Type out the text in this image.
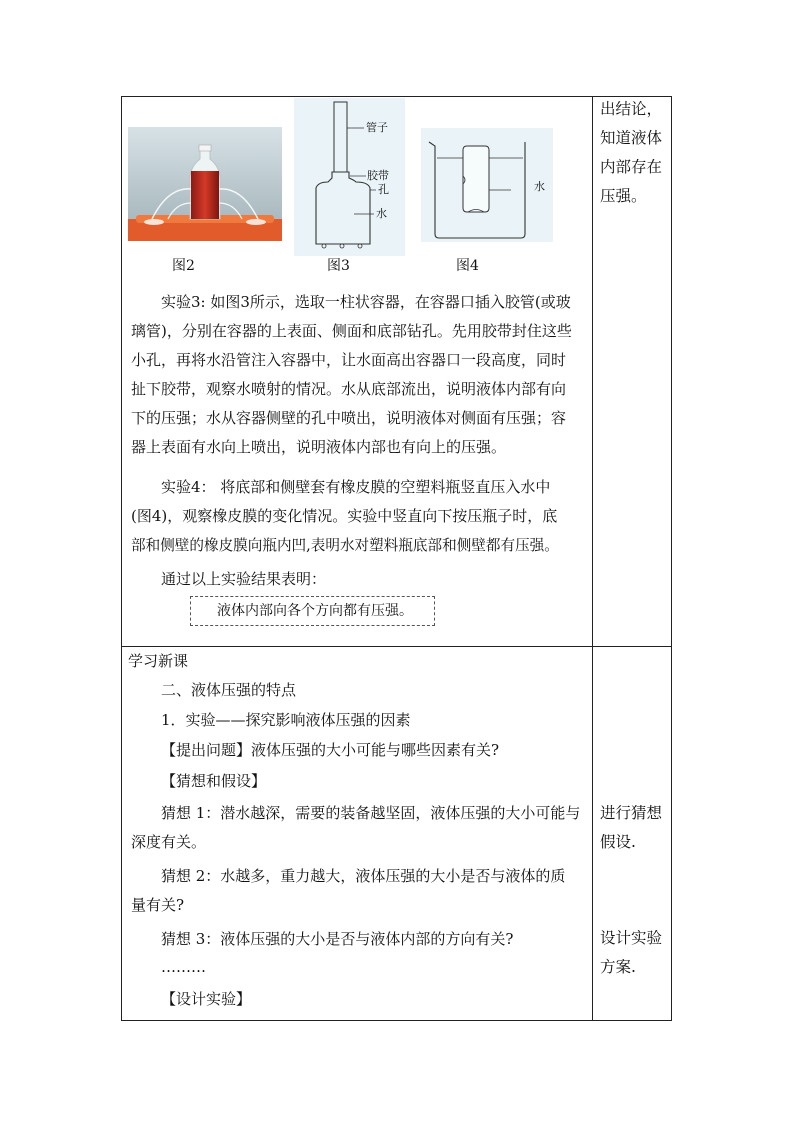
管子
胶带
孔
水
水
图2	图3	图4
实验3: 如图3所示，选取一柱状容器，在容器口插入胶管(或玻
璃管)，分别在容器的上表面、侧面和底部钻孔。先用胶带封住这些
小孔，再将水沿管注入容器中，让水面高出容器口一段高度，同时
扯下胶带，观察水喷射的情况。水从底部流出，说明液体内部有向
下的压强；水从容器侧壁的孔中喷出，说明液体对侧面有压强；容
器上表面有水向上喷出，说明液体内部也有向上的压强。
实验4： 将底部和侧壁套有橡皮膜的空塑料瓶竖直压入水中
(图4)，观察橡皮膜的变化情况。实验中竖直向下按压瓶子时，底
部和侧壁的橡皮膜向瓶内凹,表明水对塑料瓶底部和侧壁都有压强。
通过以上实验结果表明：
液体内部向各个方向都有压强。
出结论，
知道液体
内部存在
压强。
学习新课
二、液体压强的特点
1．实验——探究影响液体压强的因素
【提出问题】液体压强的大小可能与哪些因素有关?
【猜想和假设】
猜想 1：潜水越深，需要的装备越坚固，液体压强的大小可能与
深度有关。
猜想 2：水越多，重力越大，液体压强的大小是否与液体的质
量有关?
猜想 3：液体压强的大小是否与液体内部的方向有关?
………
【设计实验】
进行猜想
假设.
设计实验
方案.
